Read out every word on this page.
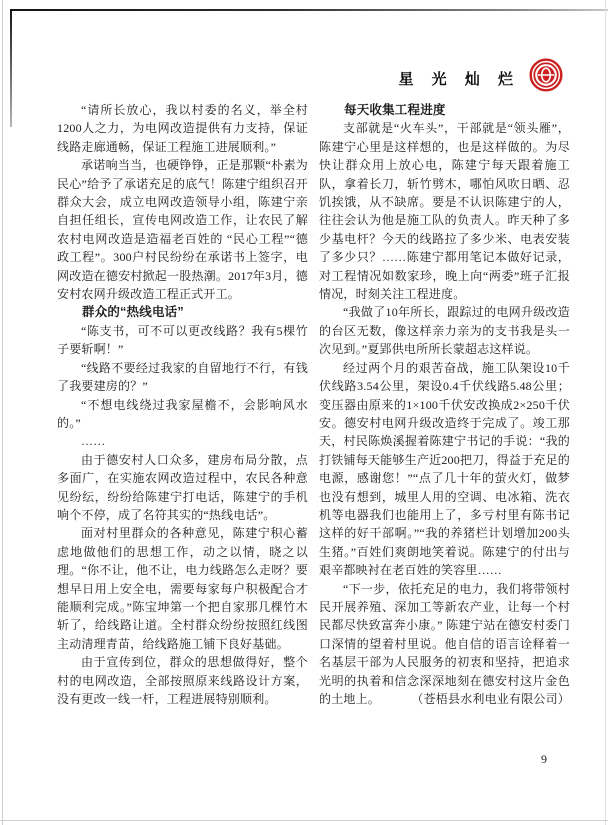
星 光 灿 烂
“请所长放心，我以村委的名义，举全村1200人之力，为电网改造提供有力支持，保证线路走廊通畅，保证工程施工进展顺利。”
承诺响当当，也硬铮铮，正是那颗“朴素为民心”给予了承诺充足的底气！陈建宁组织召开群众大会，成立电网改造领导小组，陈建宁亲自担任组长，宣传电网改造工作，让农民了解农村电网改造是造福老百姓的 “民心工程”“德政工程”。300户村民纷纷在承诺书上签字，电网改造在德安村掀起一股热潮。2017年3月，德安村农网升级改造工程正式开工。
群众的“热线电话”
“陈支书，可不可以更改线路？我有5棵竹子要斩啊！”
“线路不要经过我家的自留地行不行，有钱了我要建房的？”
“不想电线绕过我家屋檐不，会影响风水的。”
……
由于德安村人口众多，建房布局分散，点多面广，在实施农网改造过程中，农民各种意见纷纭，纷纷给陈建宁打电话，陈建宁的手机响个不停，成了名符其实的“热线电话”。
面对村里群众的各种意见，陈建宁积心蓄虑地做他们的思想工作，动之以情，晓之以理。“你不让，他不让，电力线路怎么走呀？要想早日用上安全电，需要每家每户积极配合才能顺利完成。”陈宝坤第一个把自家那几棵竹木斩了，给线路让道。全村群众纷纷按照红线图主动清理青苗，给线路施工铺下良好基础。
由于宣传到位，群众的思想做得好，整个村的电网改造，全部按照原来线路设计方案，没有更改一线一杆，工程进展特别顺利。
每天收集工程进度
支部就是“火车头”，干部就是“领头雁”，陈建宁心里是这样想的，也是这样做的。为尽快让群众用上放心电，陈建宁每天跟着施工队，拿着长刀，斩竹劈木，哪怕风吹日晒、忍饥挨饿，从不缺席。要是不认识陈建宁的人，往往会认为他是施工队的负责人。昨天种了多少基电杆？今天的线路拉了多少米、电表安装了多少只？……陈建宁都用笔记本做好记录，对工程情况如数家珍，晚上向“两委”班子汇报情况，时刻关注工程进度。
“我做了10年所长，跟踪过的电网升级改造的台区无数，像这样亲力亲为的支书我是头一次见到。”夏郢供电所所长蒙超志这样说。
经过两个月的艰苦奋战，施工队架设10千伏线路3.54公里，架设0.4千伏线路5.48公里；变压器由原来的1×100千伏安改换成2×250千伏安。德安村电网升级改造终于完成了。竣工那天，村民陈焕溪握着陈建宁书记的手说：“我的打铁铺每天能够生产近200把刀，得益于充足的电源，感谢您！”“点了几十年的萤火灯，做梦也没有想到，城里人用的空调、电冰箱、洗衣机等电器我们也能用上了，多亏村里有陈书记这样的好干部啊。”“我的养猪栏计划增加200头生猪。”百姓们爽朗地笑着说。陈建宁的付出与艰辛都映衬在老百姓的笑容里……
“下一步，依托充足的电力，我们将带领村民开展养殖、深加工等新农产业，让每一个村民都尽快致富奔小康。” 陈建宁站在德安村委门口深情的望着村里说。他自信的语言诠释着一名基层干部为人民服务的初衷和坚持，把追求光明的执着和信念深深地刻在德安村这片金色的土地上。	（苍梧县水利电业有限公司）
9
